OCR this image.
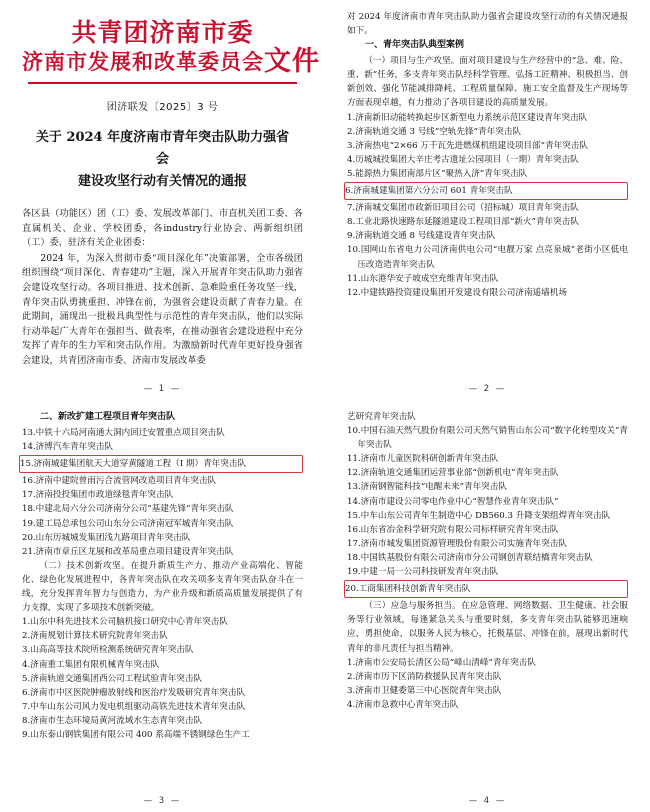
共青团济南市委
济南市发展和改革委员会文件
团济联发〔2025〕3 号
关于 2024 年度济南市青年突击队助力强省会
建设攻坚行动有关情况的通报

各区县（功能区）团（工）委、发展改革部门、市直机关团工委、各直属机关、企业、学校团委，各industry行业协会、两新组织团（工）委，驻济有关企业团委：

2024 年，为深入贯彻市委“项目深化年”决策部署，全市各级团组织围绕“项目深化、青春建功”主题，深入开展青年突击队助力强省会建设攻坚行动。各项目推进、技术创新、急难险重任务攻坚一线，青年突击队勇挑重担、冲锋在前，为强省会建设贡献了青春力量。在此期间，涌现出一批极具典型性与示范性的青年突击队，他们以实际行动举起广大青年在强担当、做表率，在推动强省会建设进程中充分发挥了青年的生力军和突击队作用。为激励新时代青年更好投身强省会建设，共青团济南市委、济南市发展改革委

— 1 —
对 2024 年度济南市青年突击队助力强省会建设攻坚行动的有关情况通报如下。
一、青年突击队典型案例
（一）项目与生产攻坚。面对项目建设与生产经营中的“急、难、险、重、新”任务，多支青年突击队经科学管理、弘扬工匠精神、积极担当、创新创效、强化节能减排降耗、工程质量保障、施工安全监督及生产现场等方面表现卓越，有力推动了各项目建设的高质量发展。
1.济南新旧动能转换起步区新型电力系统示范区建设青年突击队
2.济南轨道交通 3 号线“空轨先锋”青年突击队
3.济南热电“2×66 万千瓦先进燃煤机组建设项目部”青年突击队
4.历城城投集团大辛庄考古遗址公园项目（一期）青年突击队
5.能源热力集团南部片区“聚热入济”青年突击队
6.济南城建集团第六分公司 601 青年突击队
7.济南城交集团市政新旧项目公司（招标城）项目青年突击队
8.工业北路快速路东延隧道建设工程项目部“新火”青年突击队
9.济南轨道交通 8 号线建设青年突击队
10.国网山东省电力公司济南供电公司“电靓万家 点亮泉城”老街小区低电压改造造青年突击队
11.山东港华安子坡成空充维青年突击队
12.中建铁路投资建设集团开发建设有限公司济南遥墙机场
— 2 —
二、新改扩建工程项目青年突击队
13.中铁十六局河南通大洞内回迁安置重点项目突击队
14.济博汽车青年突击队
15.济南城建集团航天大道穿黄隧道工程（I 期）青年突击队
16.济南中建院曾雨污合流管网改造项目青年突击队
17.济南投投集团市政道绿毯青年突击队
18.中建北局六分公司济南分公司“基建先锋”青年突击队
19.建工局总承包公司山东分公司济南冠军城青年突击队
20.山东历城城发集团浅九路项目青年突击队
21.济南市章丘区龙展和改革局重点项目建设青年突击队
（二）技术创新攻坚。在提升新质生产力、推动产业高端化、智能化、绿色化发展进程中，各青年突击队在攻关项多支青年突击队奋斗在一线，充分发挥青年智力与创造力，为产业升级和新质高质量发展提供了有力支撑，实现了多项技术创新突破。
1.山东中科先进技术公司脑机接口研究中心青年突击队
2.济南规划计算技术研究院青年突击队
3.山高高等技术院所检测系统研究青年突击队
4.济南重工集团有限机械青年突击队
5.济南轨道交通集团西公司工程试验青年突击队
6.济南市中区医院肿瘤放射线和医治疗发吸研究青年突击队
7.中车山东公司风力发电机组驱动高铁先进技术青年突击队
8.济南市生态环境局黄河流域水生态青年突击队
9.山东泰山钢铁集团有限公司 400 系高端不锈钢绿色生产工
— 3 —
艺研究青年突击队
10.中国石油天然气股份有限公司天然气销售山东公司“数字化转型攻关”青年突击队
11.济南市儿童医院科研创新青年突击队
12.济南轨道交通集团运营事业部“创新机电”青年突击队
13.济南钢智能科技“电醒未来”青年突击队
14.济南市建设公司零电作业中心“智慧作业青年突击队”
15.中车山东公司青年生制造中心 DB560.3 升降支架组焊青年突击队
16.山东省冶金科学研究院有限公司标样研究青年突击队
17.济南市城发集团资源管理股份有限公司实施青年突击队
18.中国铁基股份有限公司济南市分公司钢创青联结橋青年突击队
19.中建一局一公司科技研发青年突击队
20.工商集团科技创新青年突击队
（三）应急与服务担当。在应急管理、网络数据、卫生健康、社会服务等行业领域，每逢紧急关头与重要时刻，多支青年突击队能够迅速响应，勇担使命，以服务人民为核心，托极基层、冲锋在前，展现出新时代青年的非凡责任与担当精神。
1.济南市公安局长清区公局“峰山清峰”青年突击队
2.济南市历下区消防救援队民青年突击队
3.济南市卫健委第三中心医院青年突击队
4.济南市急救中心青年突击队
— 4 —
